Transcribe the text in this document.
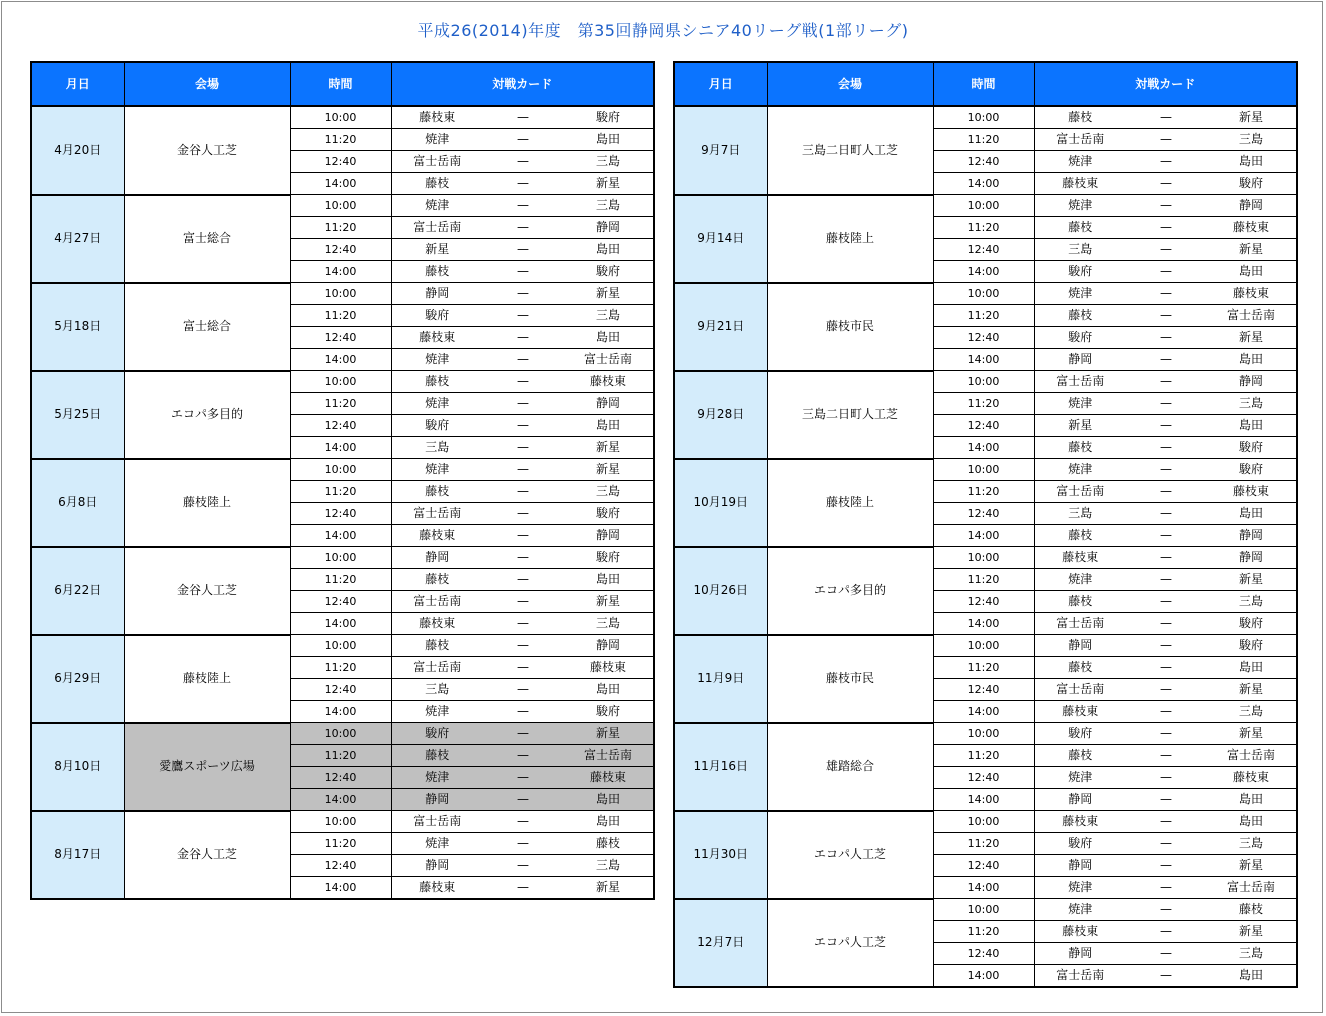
平成26(2014)年度　第35回静岡県シニア40リーグ戦(1部リーグ)
月日	会場	時間	対戦カード		
4月20日	金谷人工芝	10:00	藤枝東	—	駿府
		11:20	焼津	—	島田
		12:40	富士岳南	—	三島
		14:00	藤枝	—	新星
4月27日	富士総合	10:00	焼津	—	三島
		11:20	富士岳南	—	静岡
		12:40	新星	—	島田
		14:00	藤枝	—	駿府
5月18日	富士総合	10:00	静岡	—	新星
		11:20	駿府	—	三島
		12:40	藤枝東	—	島田
		14:00	焼津	—	富士岳南
5月25日	エコパ多目的	10:00	藤枝	—	藤枝東
		11:20	焼津	—	静岡
		12:40	駿府	—	島田
		14:00	三島	—	新星
6月8日	藤枝陸上	10:00	焼津	—	新星
		11:20	藤枝	—	三島
		12:40	富士岳南	—	駿府
		14:00	藤枝東	—	静岡
6月22日	金谷人工芝	10:00	静岡	—	駿府
		11:20	藤枝	—	島田
		12:40	富士岳南	—	新星
		14:00	藤枝東	—	三島
6月29日	藤枝陸上	10:00	藤枝	—	静岡
		11:20	富士岳南	—	藤枝東
		12:40	三島	—	島田
		14:00	焼津	—	駿府
8月10日	愛鷹スポーツ広場	10:00	駿府	—	新星
		11:20	藤枝	—	富士岳南
		12:40	焼津	—	藤枝東
		14:00	静岡	—	島田
8月17日	金谷人工芝	10:00	富士岳南	—	島田
		11:20	焼津	—	藤枝
		12:40	静岡	—	三島
		14:00	藤枝東	—	新星
月日	会場	時間	対戦カード		
9月7日	三島二日町人工芝	10:00	藤枝	—	新星
		11:20	富士岳南	—	三島
		12:40	焼津	—	島田
		14:00	藤枝東	—	駿府
9月14日	藤枝陸上	10:00	焼津	—	静岡
		11:20	藤枝	—	藤枝東
		12:40	三島	—	新星
		14:00	駿府	—	島田
9月21日	藤枝市民	10:00	焼津	—	藤枝東
		11:20	藤枝	—	富士岳南
		12:40	駿府	—	新星
		14:00	静岡	—	島田
9月28日	三島二日町人工芝	10:00	富士岳南	—	静岡
		11:20	焼津	—	三島
		12:40	新星	—	島田
		14:00	藤枝	—	駿府
10月19日	藤枝陸上	10:00	焼津	—	駿府
		11:20	富士岳南	—	藤枝東
		12:40	三島	—	島田
		14:00	藤枝	—	静岡
10月26日	エコパ多目的	10:00	藤枝東	—	静岡
		11:20	焼津	—	新星
		12:40	藤枝	—	三島
		14:00	富士岳南	—	駿府
11月9日	藤枝市民	10:00	静岡	—	駿府
		11:20	藤枝	—	島田
		12:40	富士岳南	—	新星
		14:00	藤枝東	—	三島
11月16日	雄踏総合	10:00	駿府	—	新星
		11:20	藤枝	—	富士岳南
		12:40	焼津	—	藤枝東
		14:00	静岡	—	島田
11月30日	エコパ人工芝	10:00	藤枝東	—	島田
		11:20	駿府	—	三島
		12:40	静岡	—	新星
		14:00	焼津	—	富士岳南
12月7日	エコパ人工芝	10:00	焼津	—	藤枝
		11:20	藤枝東	—	新星
		12:40	静岡	—	三島
		14:00	富士岳南	—	島田
